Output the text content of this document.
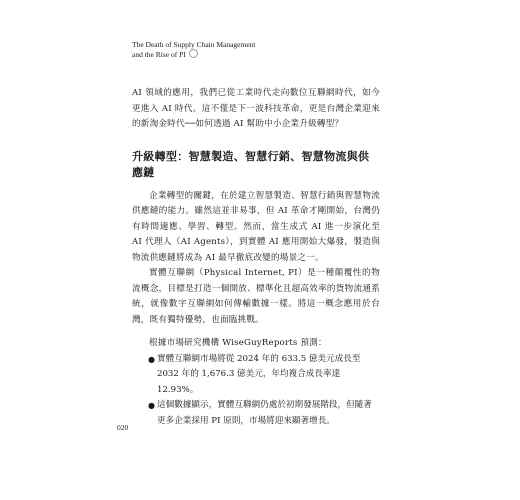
The Death of Supply Chain Management
and the Rise of PI

AI 領域的應用，我們已從工業時代走向數位互聯網時代，如今更進入 AI 時代。這不僅是下一波科技革命，更是台灣企業迎來的新淘金時代──如何透過 AI 幫助中小企業升級轉型？

升級轉型：智慧製造、智慧行銷、智慧物流與供應鏈

企業轉型的關鍵，在於建立智慧製造、智慧行銷與智慧物流供應鏈的能力。雖然這並非易事，但 AI 革命才剛開始，台灣仍有時間適應、學習、轉型。然而，當生成式 AI 進一步演化至 AI 代理人（AI Agents），到實體 AI 應用開始大爆發，製造與物流供應鏈將成為 AI 最早徹底改變的場景之一。

實體互聯網（Physical Internet, PI）是一種顛覆性的物流概念，目標是打造一個開放、標準化且超高效率的貨物流通系統，就像數字互聯網如何傳輸數據一樣。將這一概念應用於台灣，既有獨特優勢，也面臨挑戰。

根據市場研究機構 WiseGuyReports 預測：

● 實體互聯網市場將從 2024 年的 633.5 億美元成長至 2032 年的 1,676.3 億美元，年均複合成長率達 12.93%。
● 這個數據顯示，實體互聯網仍處於初期發展階段，但隨著更多企業採用 PI 原則，市場將迎來顯著增長。
020
